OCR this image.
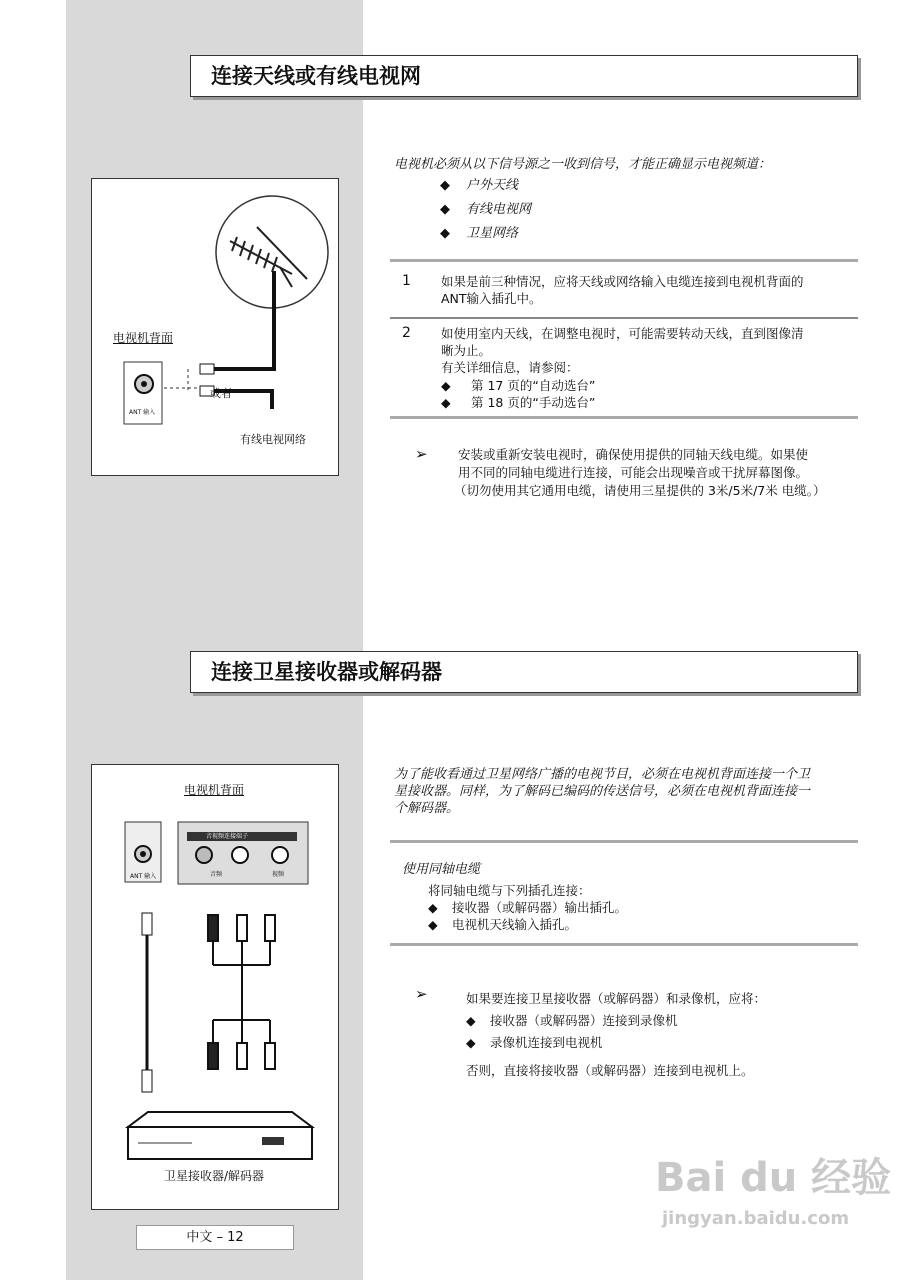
连接天线或有线电视网
电视机背面
ANT 输入
或者
有线电视网络
电视机必须从以下信号源之一收到信号，才能正确显示电视频道：
◆ 户外天线
◆ 有线电视网
◆ 卫星网络
1 如果是前三种情况，应将天线或网络输入电缆连接到电视机背面的
ANT输入插孔中。
2 如使用室内天线，在调整电视时，可能需要转动天线，直到图像清
晰为止。
有关详细信息，请参阅：
◆ 第 17 页的“自动选台”
◆ 第 18 页的“手动选台”
➢ 安装或重新安装电视时，确保使用提供的同轴天线电缆。如果使
用不同的同轴电缆进行连接，可能会出现噪音或干扰屏幕图像。
（切勿使用其它通用电缆，请使用三星提供的 3米/5米/7米 电缆。）
连接卫星接收器或解码器
电视机背面
ANT 输入
音视频连接端子
音频	视频
卫星接收器/解码器
为了能收看通过卫星网络广播的电视节目，必须在电视机背面连接一个卫
星接收器。同样，为了解码已编码的传送信号，必须在电视机背面连接一
个解码器。
使用同轴电缆
将同轴电缆与下列插孔连接：
◆ 接收器（或解码器）输出插孔。
◆ 电视机天线输入插孔。
➢	如果要连接卫星接收器（或解码器）和录像机，应将：
◆ 接收器（或解码器）连接到录像机
◆ 录像机连接到电视机
否则，直接将接收器（或解码器）连接到电视机上。
中文 – 12
Bai du 经验
jingyan.baidu.com
